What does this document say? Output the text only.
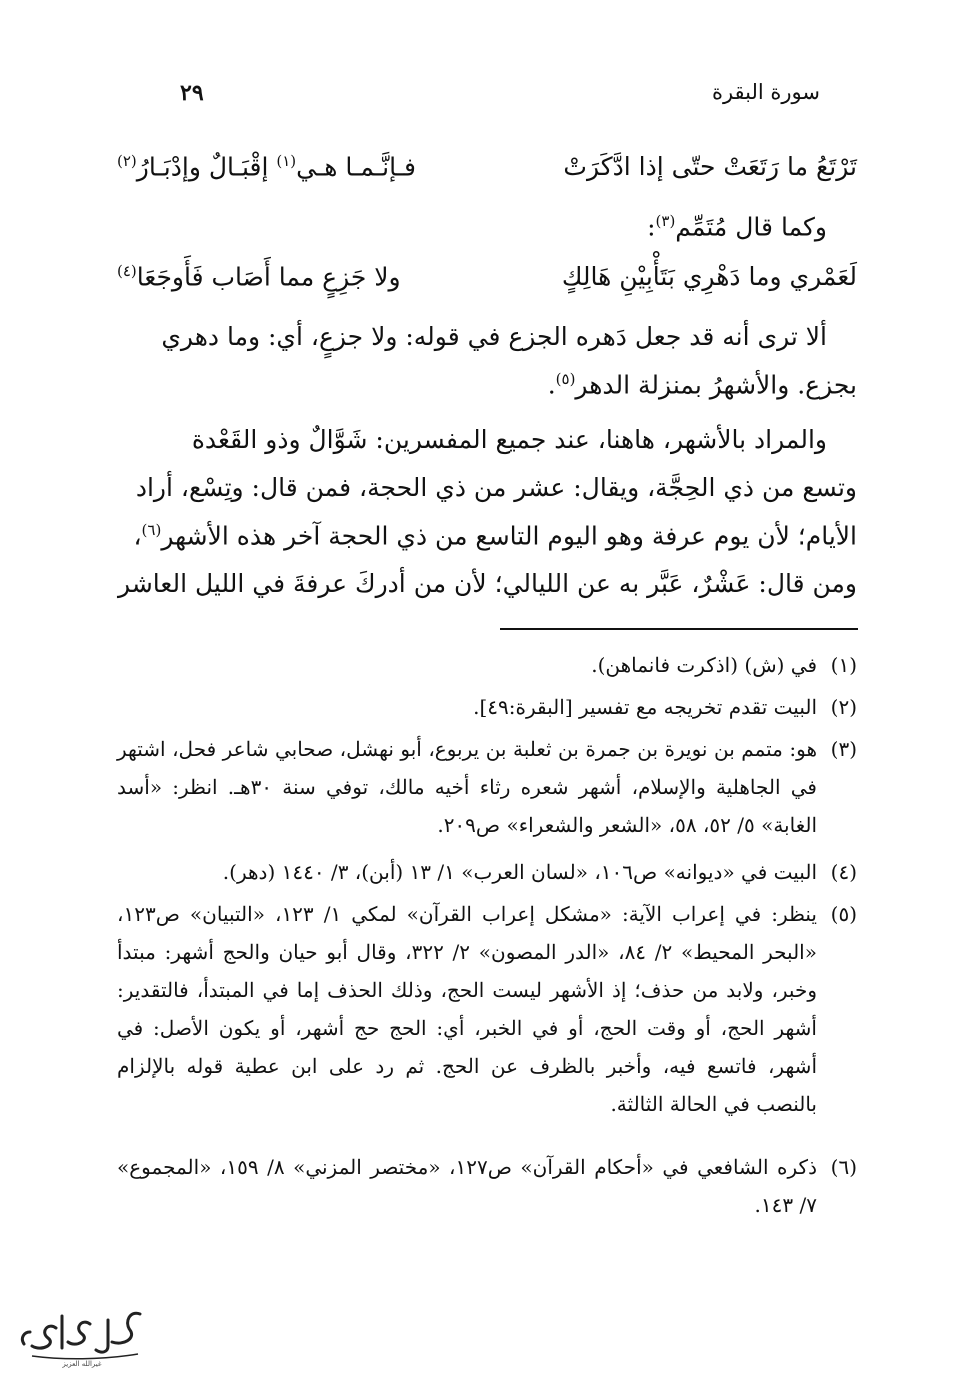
سورة البقرة
٢٩
تَرْتَعُ ما رَتَعَتْ حتّى إذا ادَّكَرَتْ
فـإنَّـمـا هـي$^{(١)}$ إقْبَـالٌ وإدْبَـارُ$^{(٢)}$
وكما قال مُتَمِّم$^{(٣)}$:
لَعَمْري وما دَهْرِي بَتَأْبِيْنِ هَالِكٍ
ولا جَزِعٍ مما أَصَاب فَأَوجَعَا$^{(٤)}$
ألا ترى أنه قد جعل دَهره الجزع في قوله: ولا جزعٍ، أي: وما دهري
بجزع. والأشهرُ بمنزلة الدهر$^{(٥)}$.
والمراد بالأشهر، هاهنا، عند جميع المفسرين: شَوَّالٌ وذو القَعْدة
وتسع من ذي الحِجَّة، ويقال: عشر من ذي الحجة، فمن قال: وتِسْع، أراد
الأيام؛ لأن يوم عرفة وهو اليوم التاسع من ذي الحجة آخر هذه الأشهر$^{(٦)}$،
ومن قال: عَشْرٌ، عَبَّر به عن الليالي؛ لأن من أدركَ عرفةَ في الليل العاشر
(١)
في (ش) (اذكرت فانماهن).
(٢)
البيت تقدم تخريجه مع تفسير [البقرة:٤٩].
(٣)
هو: متمم بن نويرة بن جمرة بن ثعلبة بن يربوع، أبو نهشل، صحابي شاعر فحل، اشتهر في الجاهلية والإسلام، أشهر شعره رثاء أخيه مالك، توفي سنة ٣٠هـ. انظر: «أسد الغابة» ٥/ ٥٢، ٥٨، «الشعر والشعراء» ص٢٠٩.
(٤)
البيت في «ديوانه» ص١٠٦، «لسان العرب» ١/ ١٣ (أبن)، ٣/ ١٤٤٠ (دهر).
(٥)
ينظر: في إعراب الآية: «مشكل إعراب القرآن» لمكي ١/ ١٢٣، «التبيان» ص١٢٣، «البحر المحيط» ٢/ ٨٤، «الدر المصون» ٢/ ٣٢٢، وقال أبو حيان والحج أشهر: مبتدأ وخبر، ولابد من حذف؛ إذ الأشهر ليست الحج، وذلك الحذف إما في المبتدأ، فالتقدير: أشهر الحج، أو وقت الحج، أو في الخبر، أي: الحج حج أشهر، أو يكون الأصل: في أشهر، فاتسع فيه، وأخبر بالظرف عن الحج. ثم رد على ابن عطية قوله بالإلزام بالنصب في الحالة الثالثة.
(٦)
ذكره الشافعي في «أحكام القرآن» ص١٢٧، «مختصر المزني» ٨/ ١٥٩، «المجموع» ٧/ ١٤٣.
غيرالله العزيز
